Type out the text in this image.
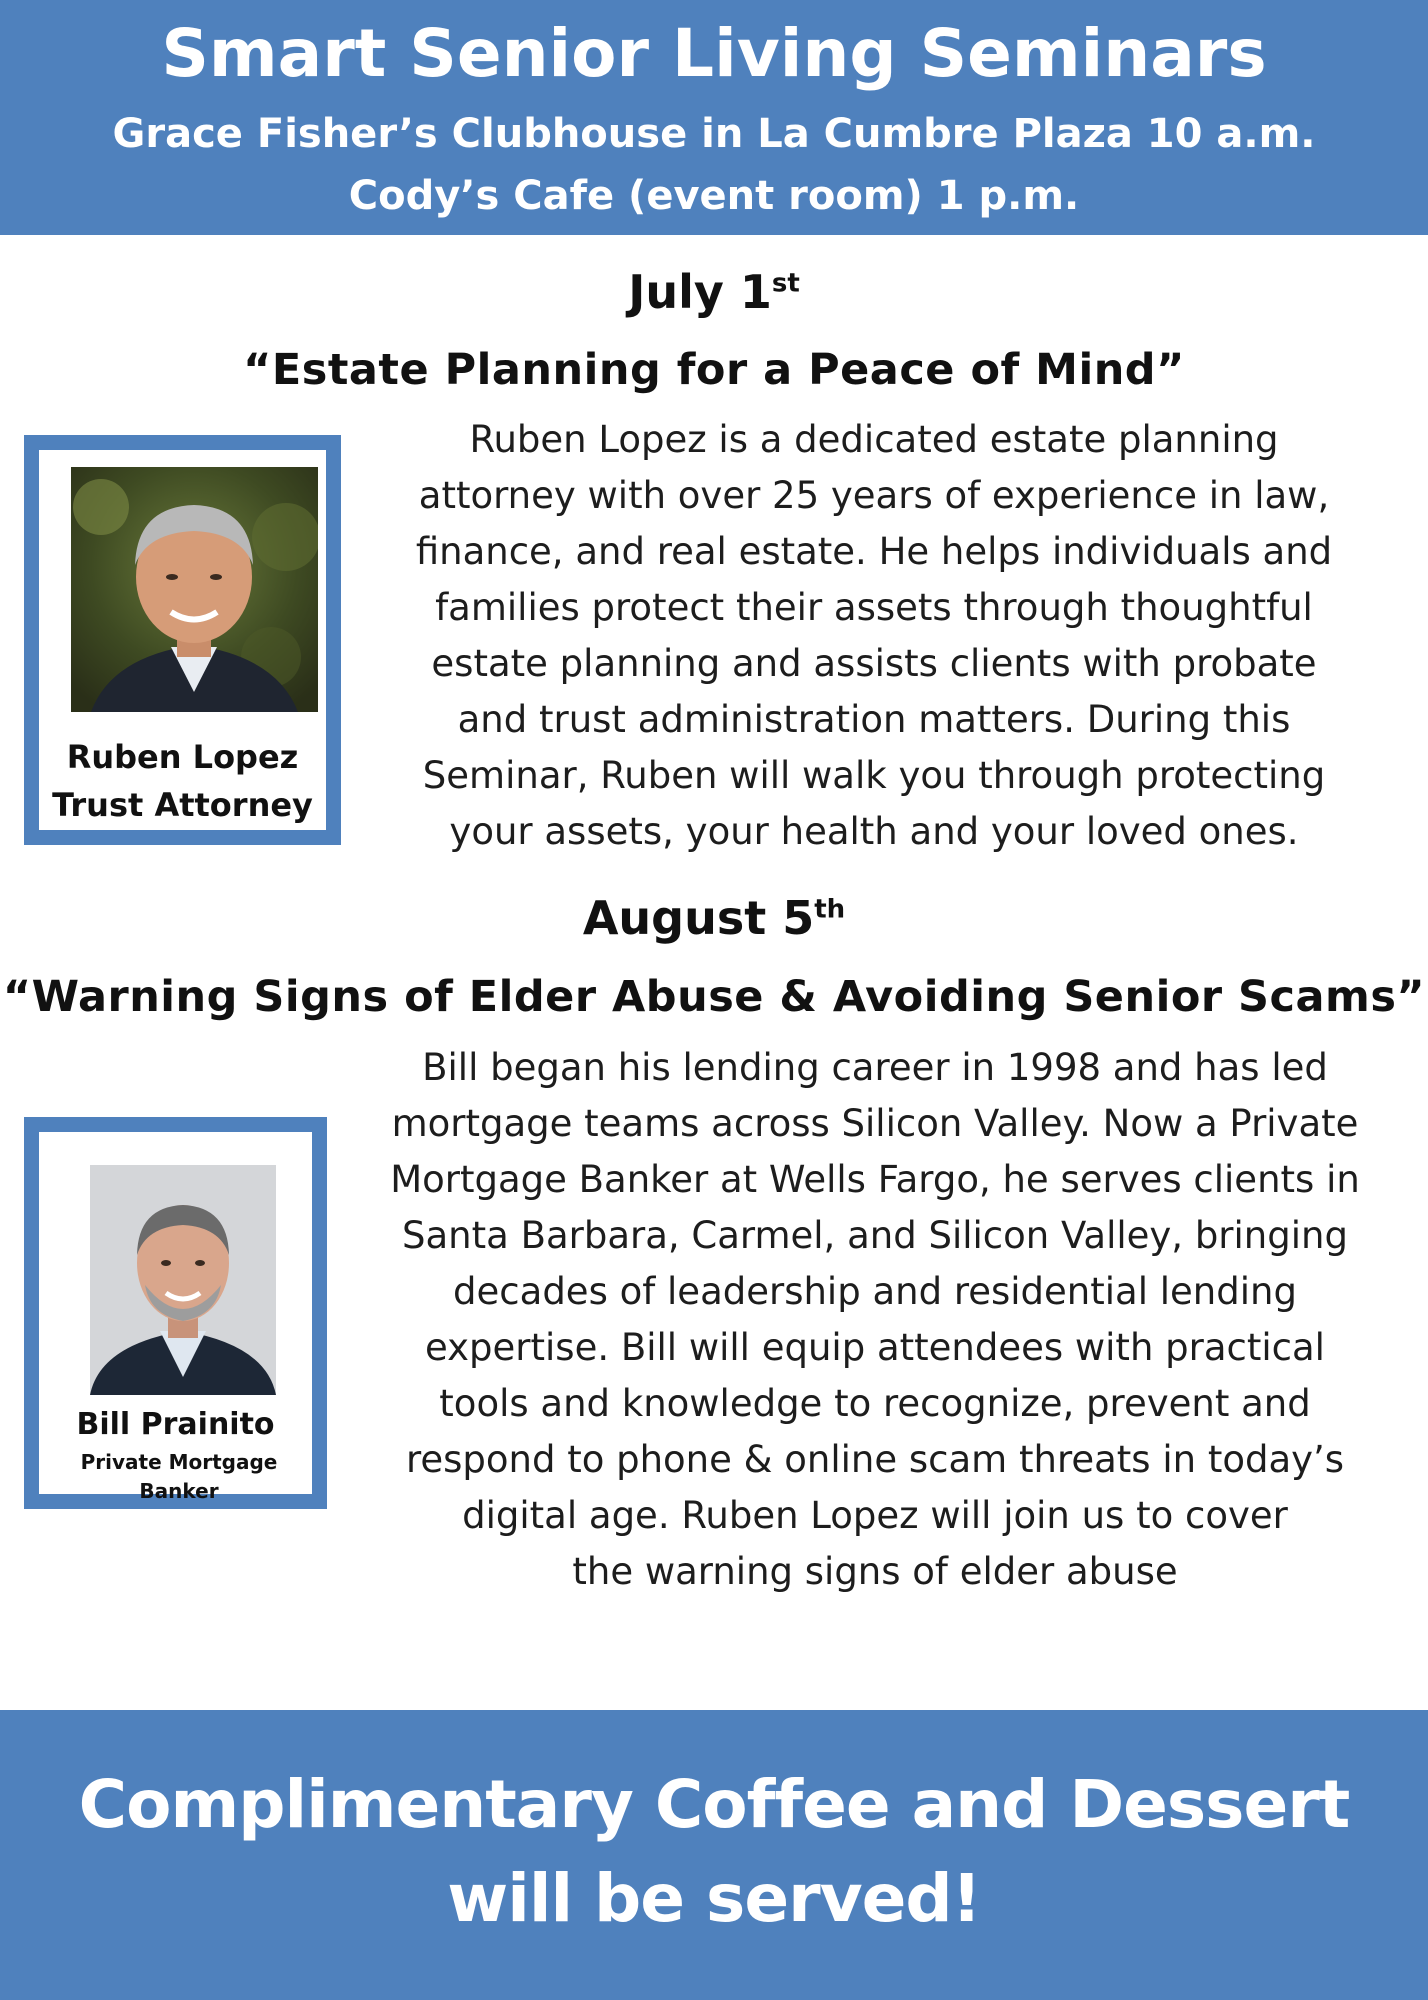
Smart Senior Living Seminars
Grace Fisher’s Clubhouse in La Cumbre Plaza 10 a.m.
Cody’s Cafe (event room) 1 p.m.
July 1st
“Estate Planning for a Peace of Mind”
Ruben Lopez
Trust Attorney
Ruben Lopez is a dedicated estate planning
attorney with over 25 years of experience in law,
finance, and real estate. He helps individuals and
families protect their assets through thoughtful
estate planning and assists clients with probate
and trust administration matters. During this
Seminar, Ruben will walk you through protecting
your assets, your health and your loved ones.
August 5th
“Warning Signs of Elder Abuse & Avoiding Senior Scams”
Bill Prainito
Private Mortgage Banker
Bill began his lending career in 1998 and has led
mortgage teams across Silicon Valley. Now a Private
Mortgage Banker at Wells Fargo, he serves clients in
Santa Barbara, Carmel, and Silicon Valley, bringing
decades of leadership and residential lending
expertise. Bill will equip attendees with practical
tools and knowledge to recognize, prevent and
respond to phone & online scam threats in today’s
digital age. Ruben Lopez will join us to cover
the warning signs of elder abuse
Complimentary Coffee and Dessert
will be served!
